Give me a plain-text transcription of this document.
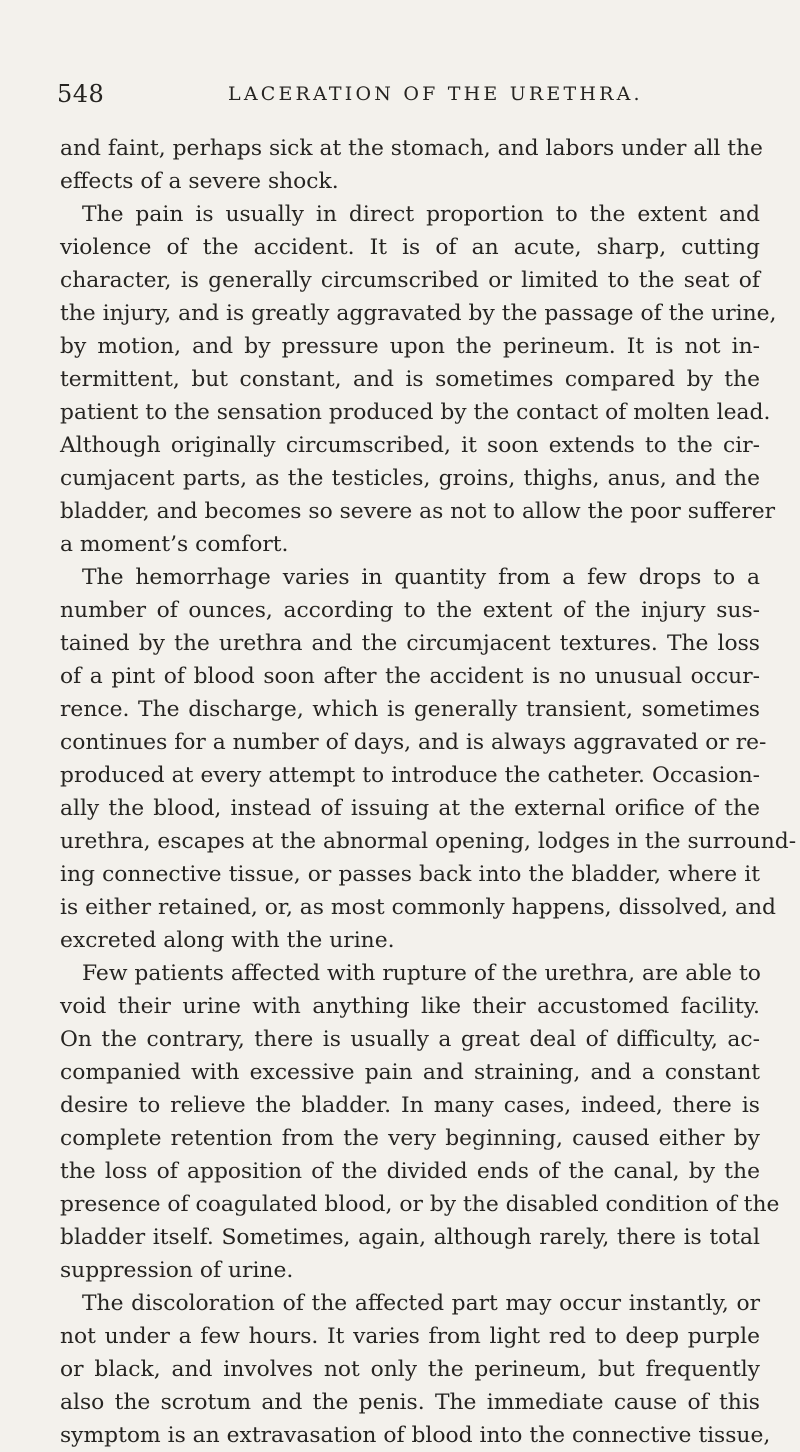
548	LACERATION OF THE URETHRA.
and faint, perhaps sick at the stomach, and labors under all the
effects of a severe shock.
The pain is usually in direct proportion to the extent and
violence of the accident. It is of an acute, sharp, cutting
character, is generally circumscribed or limited to the seat of
the injury, and is greatly aggravated by the passage of the urine,
by motion, and by pressure upon the perineum. It is not in-
termittent, but constant, and is sometimes compared by the
patient to the sensation produced by the contact of molten lead.
Although originally circumscribed, it soon extends to the cir-
cumjacent parts, as the testicles, groins, thighs, anus, and the
bladder, and becomes so severe as not to allow the poor sufferer
a moment’s comfort.
The hemorrhage varies in quantity from a few drops to a
number of ounces, according to the extent of the injury sus-
tained by the urethra and the circumjacent textures. The loss
of a pint of blood soon after the accident is no unusual occur-
rence. The discharge, which is generally transient, sometimes
continues for a number of days, and is always aggravated or re-
produced at every attempt to introduce the catheter. Occasion-
ally the blood, instead of issuing at the external orifice of the
urethra, escapes at the abnormal opening, lodges in the surround-
ing connective tissue, or passes back into the bladder, where it
is either retained, or, as most commonly happens, dissolved, and
excreted along with the urine.
Few patients affected with rupture of the urethra, are able to
void their urine with anything like their accustomed facility.
On the contrary, there is usually a great deal of difficulty, ac-
companied with excessive pain and straining, and a constant
desire to relieve the bladder. In many cases, indeed, there is
complete retention from the very beginning, caused either by
the loss of apposition of the divided ends of the canal, by the
presence of coagulated blood, or by the disabled condition of the
bladder itself. Sometimes, again, although rarely, there is total
suppression of urine.
The discoloration of the affected part may occur instantly, or
not under a few hours. It varies from light red to deep purple
or black, and involves not only the perineum, but frequently
also the scrotum and the penis. The immediate cause of this
symptom is an extravasation of blood into the connective tissue,
